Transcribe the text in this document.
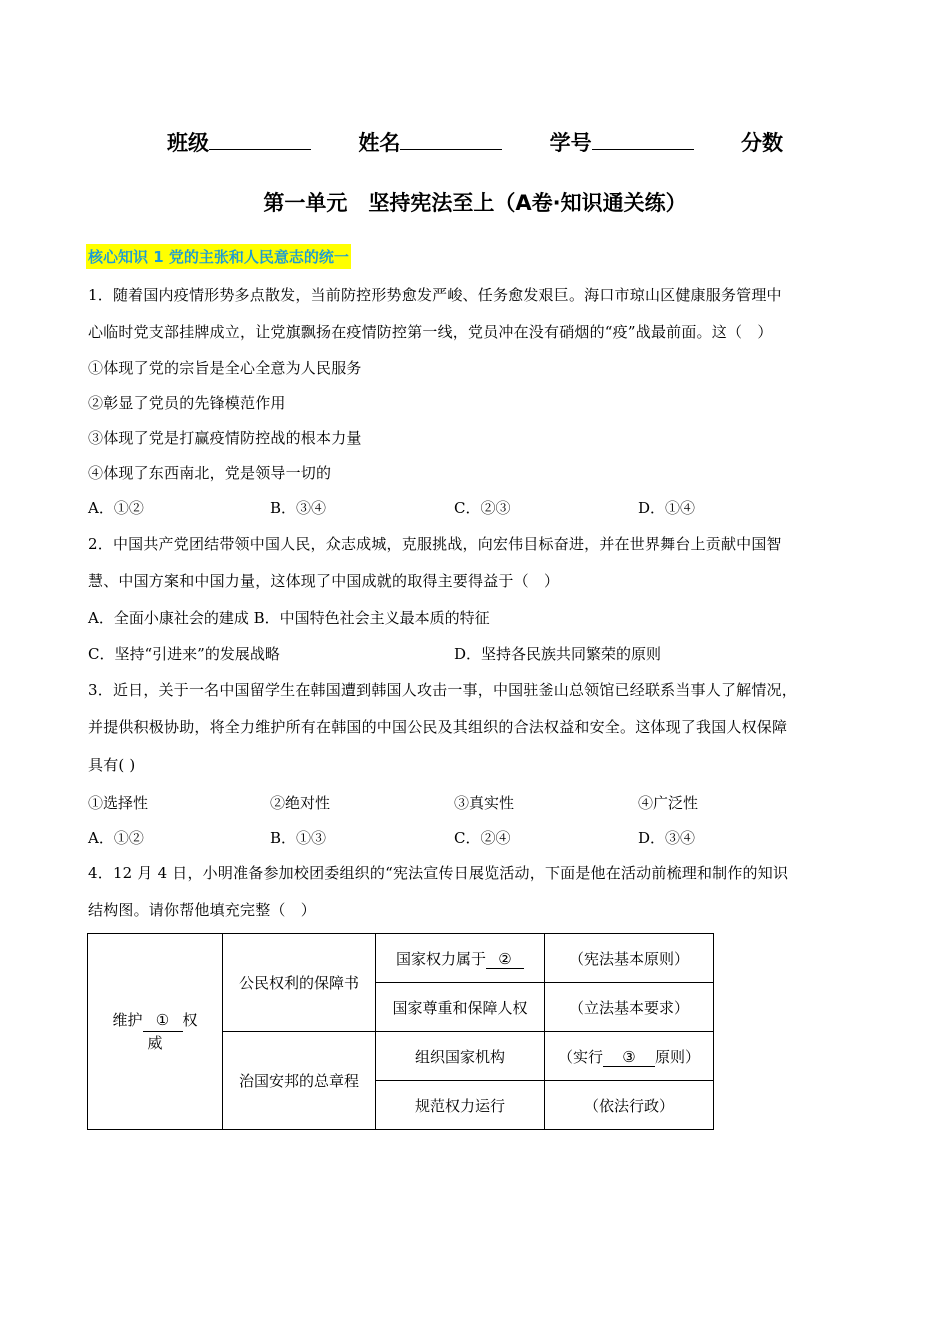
班级	姓名	学号	分数
第一单元　坚持宪法至上（A卷·知识通关练）
核心知识 1 党的主张和人民意志的统一
1．随着国内疫情形势多点散发，当前防控形势愈发严峻、任务愈发艰巨。海口市琼山区健康服务管理中
心临时党支部挂牌成立，让党旗飘扬在疫情防控第一线，党员冲在没有硝烟的“疫”战最前面。这（　）
①体现了党的宗旨是全心全意为人民服务
②彰显了党员的先锋模范作用
③体现了党是打赢疫情防控战的根本力量
④体现了东西南北，党是领导一切的
A．①②	B．③④	C．②③	D．①④
2．中国共产党团结带领中国人民，众志成城，克服挑战，向宏伟目标奋进，并在世界舞台上贡献中国智
慧、中国方案和中国力量，这体现了中国成就的取得主要得益于（　）
A．全面小康社会的建成 B．中国特色社会主义最本质的特征
C．坚持“引进来”的发展战略	D．坚持各民族共同繁荣的原则
3．近日，关于一名中国留学生在韩国遭到韩国人攻击一事，中国驻釜山总领馆已经联系当事人了解情况，
并提供积极协助，将全力维护所有在韩国的中国公民及其组织的合法权益和安全。这体现了我国人权保障
具有( )
①选择性	②绝对性	③真实性	④广泛性
A．①②	B．①③	C．②④	D．③④
4．12 月 4 日，小明准备参加校团委组织的“宪法宣传日展览活动，下面是他在活动前梳理和制作的知识
结构图。请你帮他填充完整（　）
维护 ① 权
威	公民权利的保障书	国家权力属于 ②	（宪法基本原则）
		国家尊重和保障人权	（立法基本要求）
	治国安邦的总章程	组织国家机构	（实行 ③ 原则）
		规范权力运行	（依法行政）
